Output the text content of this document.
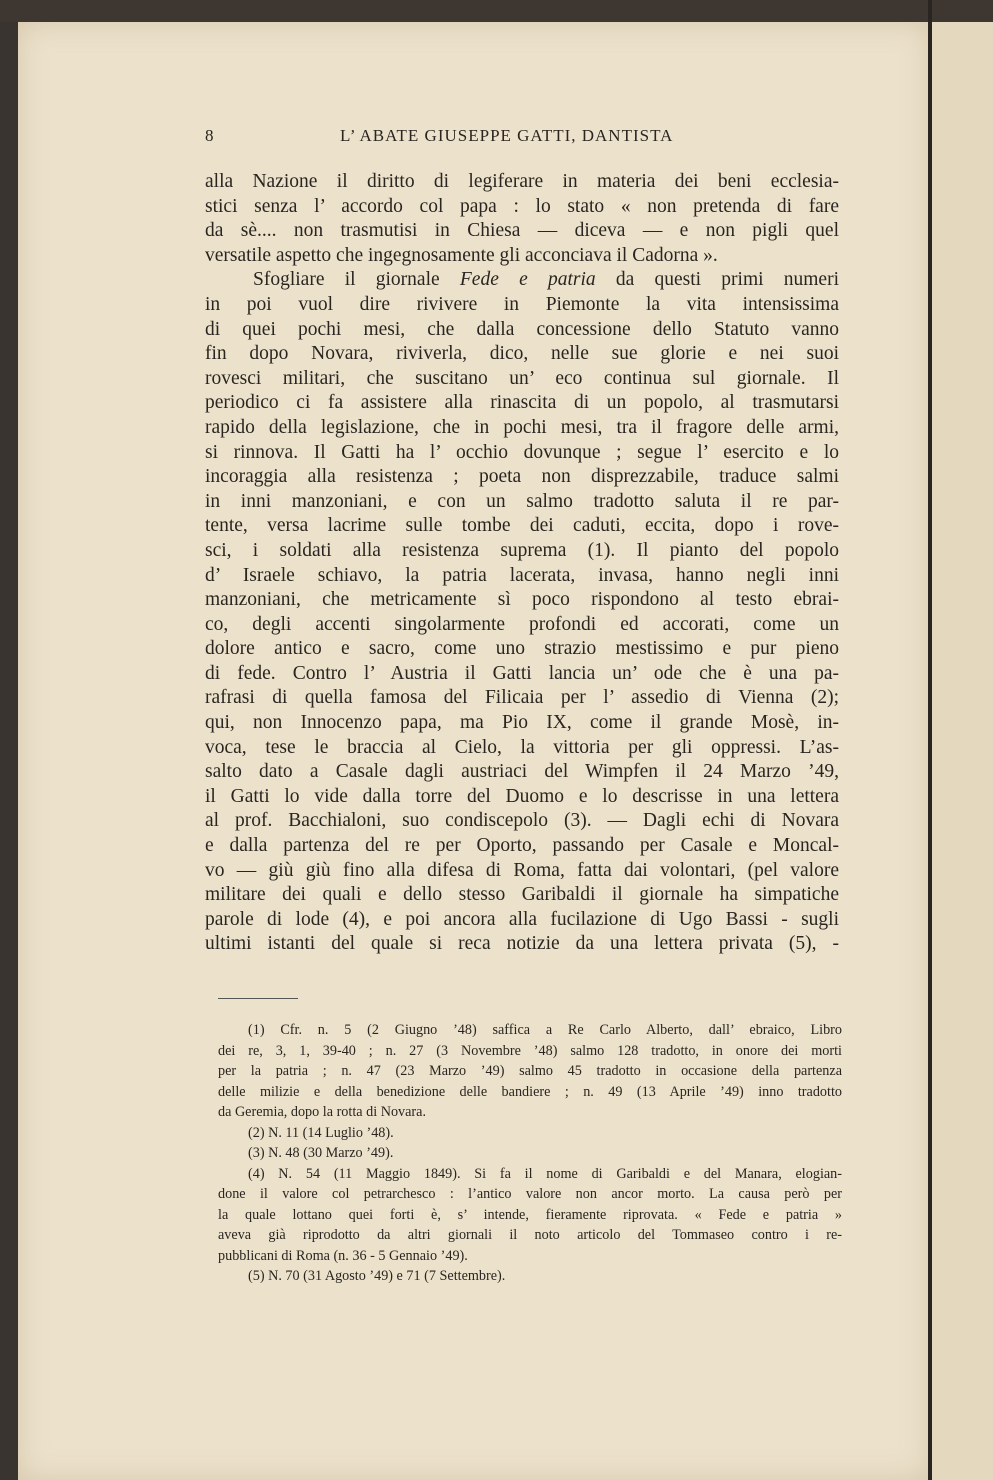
8	L’ ABATE GIUSEPPE GATTI, DANTISTA
alla Nazione il diritto di legiferare in materia dei beni ecclesia-
stici senza l’ accordo col papa : lo stato « non pretenda di fare
da sè.... non trasmutisi in Chiesa — diceva — e non pigli quel
versatile aspetto che ingegnosamente gli acconciava il Cadorna ».
Sfogliare il giornale Fede e patria da questi primi numeri
in poi vuol dire rivivere in Piemonte la vita intensissima
di quei pochi mesi, che dalla concessione dello Statuto vanno
fin dopo Novara, riviverla, dico, nelle sue glorie e nei suoi
rovesci militari, che suscitano un’ eco continua sul giornale. Il
periodico ci fa assistere alla rinascita di un popolo, al trasmutarsi
rapido della legislazione, che in pochi mesi, tra il fragore delle armi,
si rinnova. Il Gatti ha l’ occhio dovunque ; segue l’ esercito e lo
incoraggia alla resistenza ; poeta non disprezzabile, traduce salmi
in inni manzoniani, e con un salmo tradotto saluta il re par-
tente, versa lacrime sulle tombe dei caduti, eccita, dopo i rove-
sci, i soldati alla resistenza suprema (1). Il pianto del popolo
d’ Israele schiavo, la patria lacerata, invasa, hanno negli inni
manzoniani, che metricamente sì poco rispondono al testo ebrai-
co, degli accenti singolarmente profondi ed accorati, come un
dolore antico e sacro, come uno strazio mestissimo e pur pieno
di fede. Contro l’ Austria il Gatti lancia un’ ode che è una pa-
rafrasi di quella famosa del Filicaia per l’ assedio di Vienna (2);
qui, non Innocenzo papa, ma Pio IX, come il grande Mosè, in-
voca, tese le braccia al Cielo, la vittoria per gli oppressi. L’as-
salto dato a Casale dagli austriaci del Wimpfen il 24 Marzo ’49,
il Gatti lo vide dalla torre del Duomo e lo descrisse in una lettera
al prof. Bacchialoni, suo condiscepolo (3). — Dagli echi di Novara
e dalla partenza del re per Oporto, passando per Casale e Moncal-
vo — giù giù fino alla difesa di Roma, fatta dai volontari, (pel valore
militare dei quali e dello stesso Garibaldi il giornale ha simpatiche
parole di lode (4), e poi ancora alla fucilazione di Ugo Bassi - sugli
ultimi istanti del quale si reca notizie da una lettera privata (5), -
(1) Cfr. n. 5 (2 Giugno ’48) saffica a Re Carlo Alberto, dall’ ebraico, Libro
dei re, 3, 1, 39-40 ; n. 27 (3 Novembre ’48) salmo 128 tradotto, in onore dei morti
per la patria ; n. 47 (23 Marzo ’49) salmo 45 tradotto in occasione della partenza
delle milizie e della benedizione delle bandiere ; n. 49 (13 Aprile ’49) inno tradotto
da Geremia, dopo la rotta di Novara.
(2) N. 11 (14 Luglio ’48).
(3) N. 48 (30 Marzo ’49).
(4) N. 54 (11 Maggio 1849). Si fa il nome di Garibaldi e del Manara, elogian-
done il valore col petrarchesco : l’antico valore non ancor morto. La causa però per
la quale lottano quei forti è, s’ intende, fieramente riprovata. « Fede e patria »
aveva già riprodotto da altri giornali il noto articolo del Tommaseo contro i re-
pubblicani di Roma (n. 36 - 5 Gennaio ’49).
(5) N. 70 (31 Agosto ’49) e 71 (7 Settembre).
